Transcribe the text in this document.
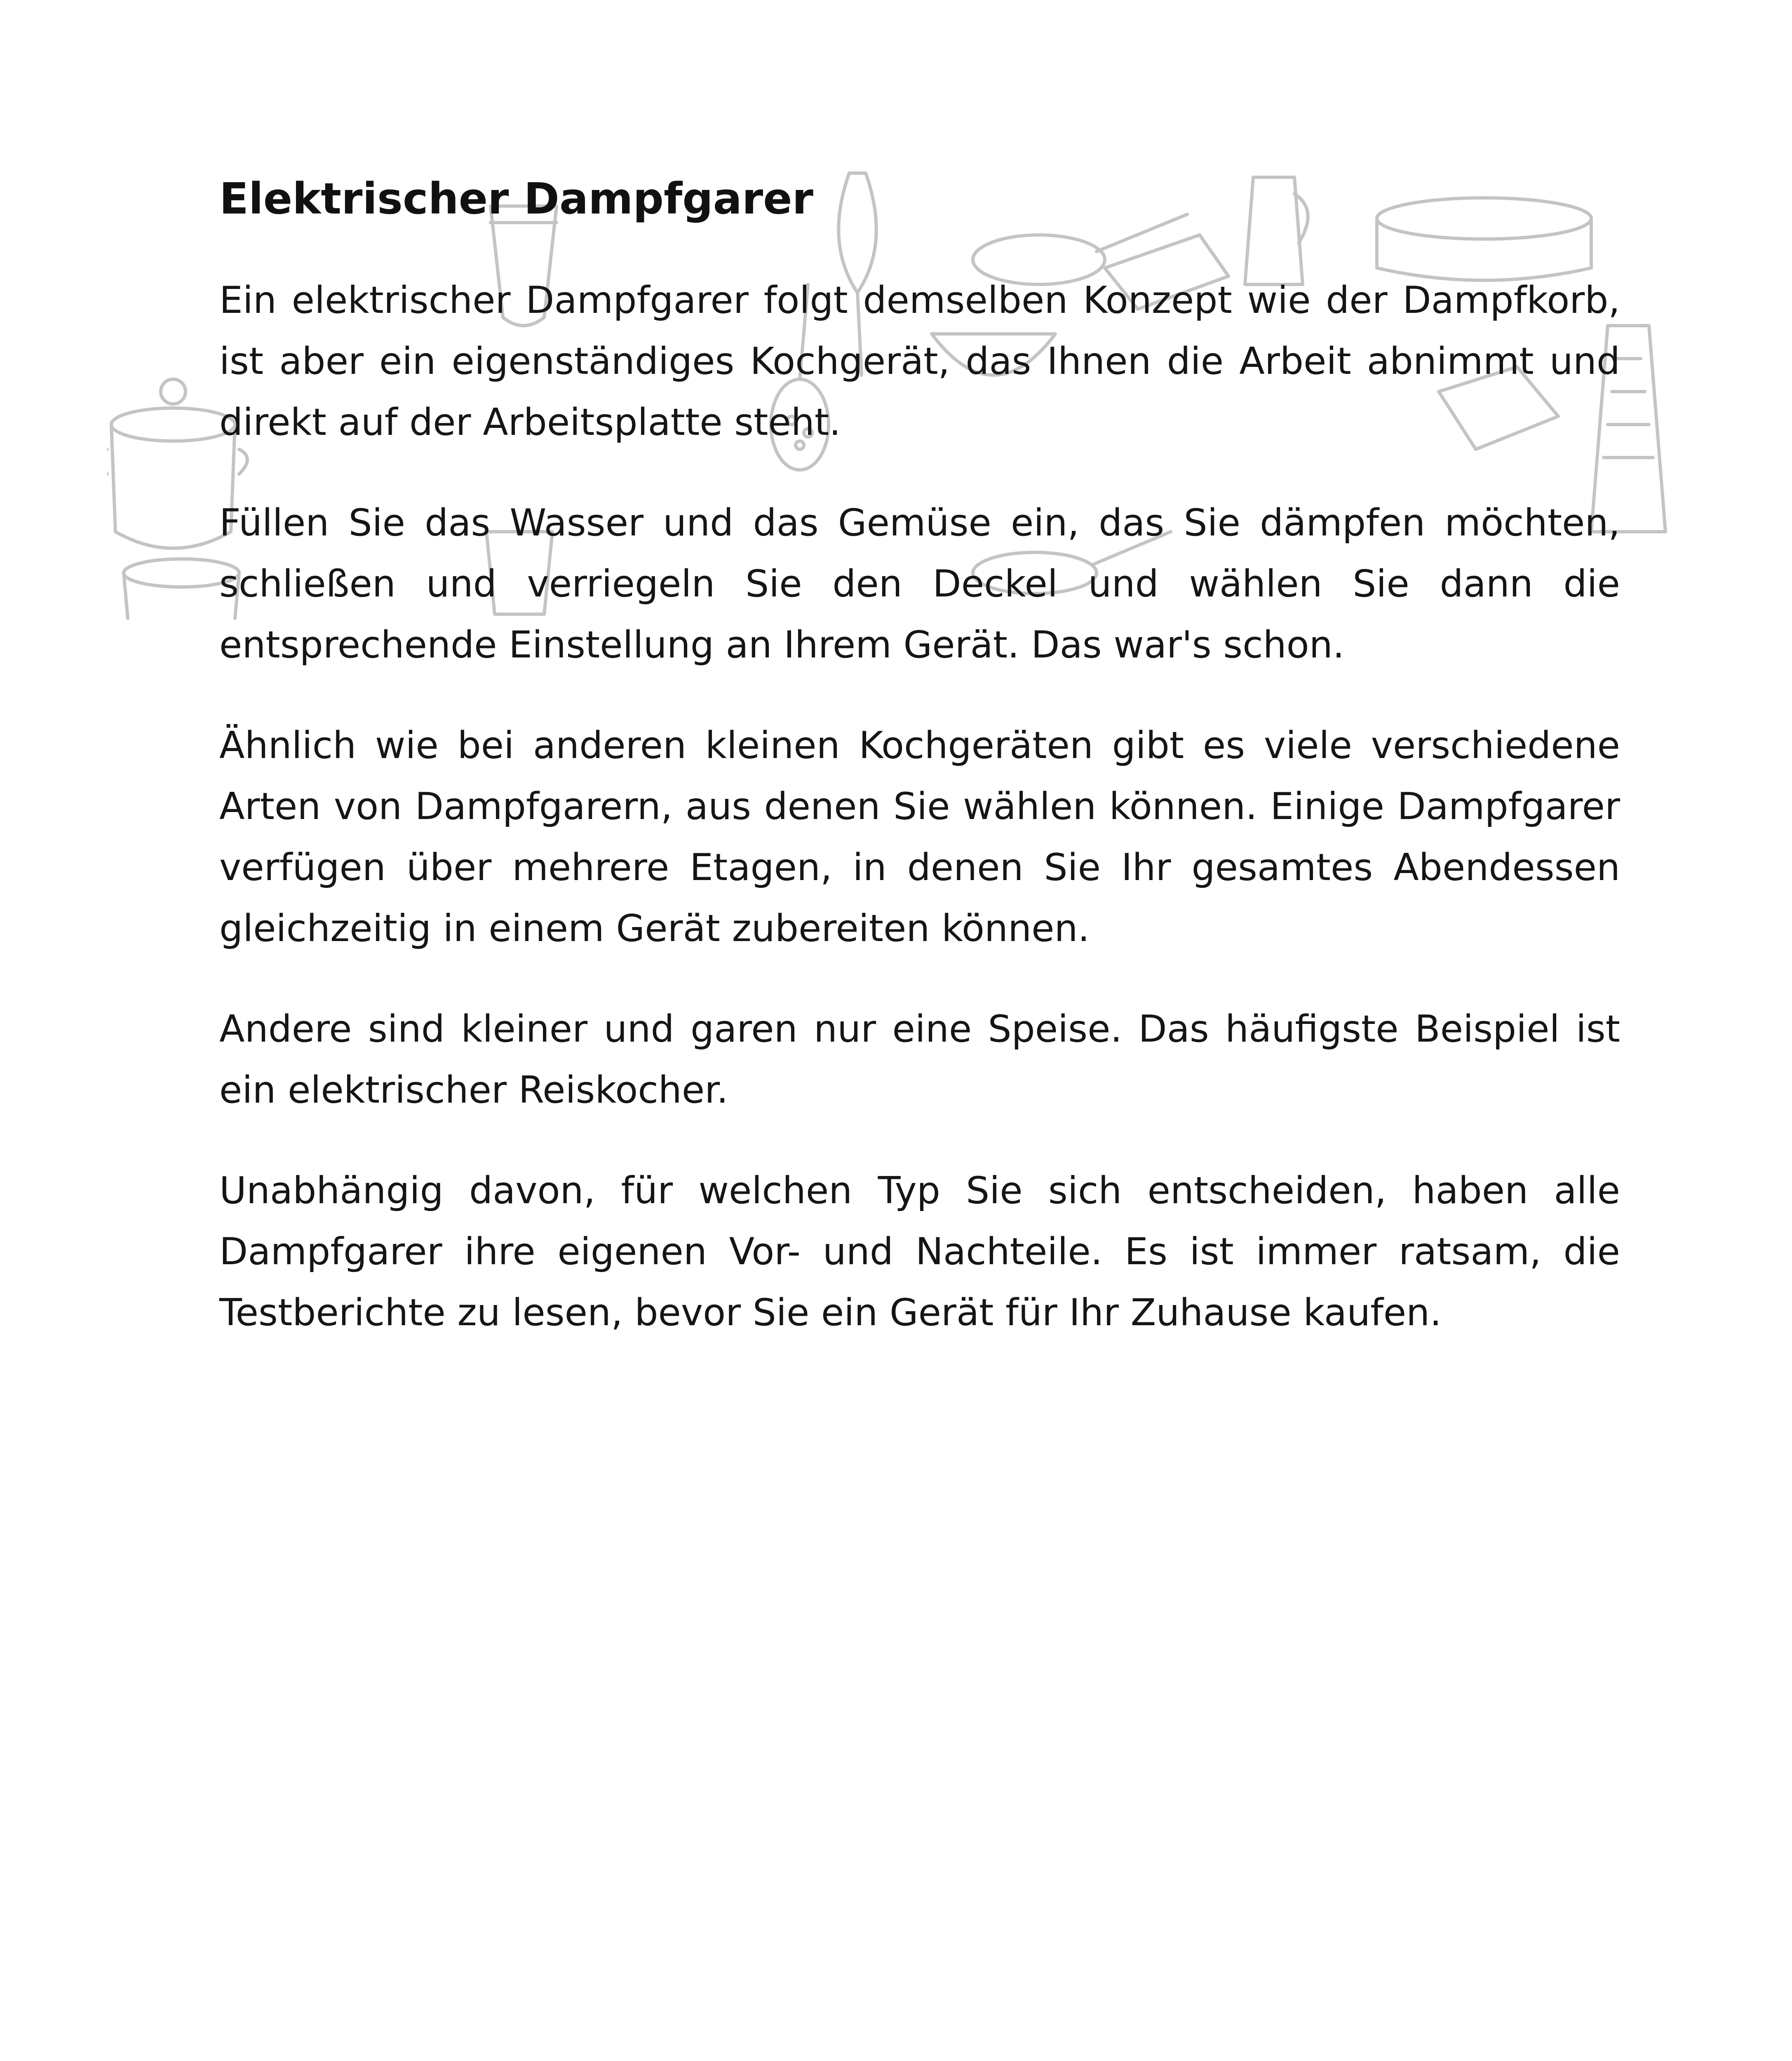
Elektrischer Dampfgarer

Ein elektrischer Dampfgarer folgt demselben Konzept wie der Dampfkorb, ist aber ein eigenständiges Kochgerät, das Ihnen die Arbeit abnimmt und direkt auf der Arbeitsplatte steht.

Füllen Sie das Wasser und das Gemüse ein, das Sie dämpfen möchten, schließen und verriegeln Sie den Deckel und wählen Sie dann die entsprechende Einstellung an Ihrem Gerät. Das war's schon.

Ähnlich wie bei anderen kleinen Kochgeräten gibt es viele verschiedene Arten von Dampfgarern, aus denen Sie wählen können. Einige Dampfgarer verfügen über mehrere Etagen, in denen Sie Ihr gesamtes Abendessen gleichzeitig in einem Gerät zubereiten können.

Andere sind kleiner und garen nur eine Speise. Das häufigste Beispiel ist ein elektrischer Reiskocher.

Unabhängig davon, für welchen Typ Sie sich entscheiden, haben alle Dampfgarer ihre eigenen Vor- und Nachteile. Es ist immer ratsam, die Testberichte zu lesen, bevor Sie ein Gerät für Ihr Zuhause kaufen.
